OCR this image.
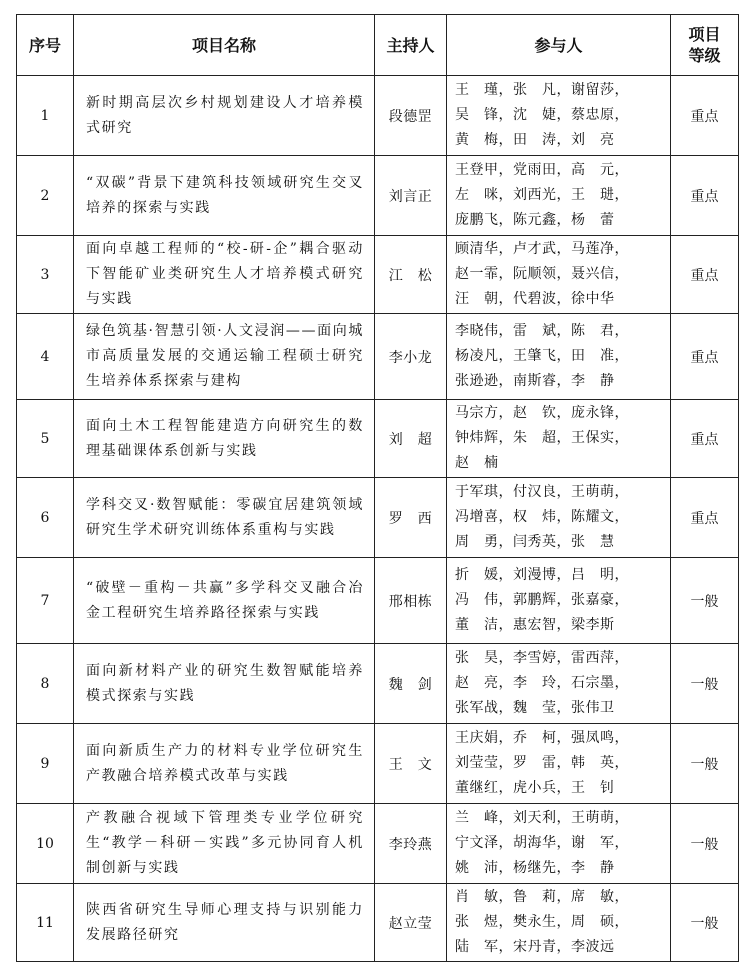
序号	项目名称	主持人	参与人	项目
等级
1	新时期高层次乡村规划建设人才培养模式研究	段德罡	王　瑾，张　凡，谢留莎，
吴　锋，沈　婕，蔡忠原，
黄　梅，田　涛，刘　亮	重点
2	“双碳”背景下建筑科技领域研究生交叉培养的探索与实践	刘言正	王登甲，党雨田，高　元，
左　咪，刘西光，王　琎，
庞鹏飞，陈元鑫，杨　蕾	重点
3	面向卓越工程师的“校-研-企”耦合驱动下智能矿业类研究生人才培养模式研究与实践	江　松	顾清华，卢才武，马莲净，
赵一霏，阮顺领，聂兴信，
汪　朝，代碧波，徐中华	重点
4	绿色筑基·智慧引领·人文浸润——面向城市高质量发展的交通运输工程硕士研究生培养体系探索与建构	李小龙	李晓伟，雷　斌，陈　君，
杨凌凡，王肇飞，田　准，
张逊逊，南斯睿，李　静	重点
5	面向土木工程智能建造方向研究生的数理基础课体系创新与实践	刘　超	马宗方，赵　钦，庞永锋，
钟炜辉，朱　超，王保实，
赵　楠	重点
6	学科交叉·数智赋能：零碳宜居建筑领域研究生学术研究训练体系重构与实践	罗　西	于军琪，付汉良，王萌萌，
冯增喜，权　炜，陈耀文，
周　勇，闫秀英，张　慧	重点
7	“破壁－重构－共赢”多学科交叉融合冶金工程研究生培养路径探索与实践	邢相栋	折　媛，刘漫博，吕　明，
冯　伟，郭鹏辉，张嘉豪，
董　洁，惠宏智，梁李斯	一般
8	面向新材料产业的研究生数智赋能培养模式探索与实践	魏　剑	张　昊，李雪婷，雷西萍，
赵　亮，李　玲，石宗墨，
张军战，魏　莹，张伟卫	一般
9	面向新质生产力的材料专业学位研究生产教融合培养模式改革与实践	王　文	王庆娟，乔　柯，强凤鸣，
刘莹莹，罗　雷，韩　英，
董继红，虎小兵，王　钊	一般
10	产教融合视域下管理类专业学位研究生“教学－科研－实践”多元协同育人机制创新与实践	李玲燕	兰　峰，刘天利，王萌萌，
宁文泽，胡海华，谢　军，
姚　沛，杨继先，李　静	一般
11	陕西省研究生导师心理支持与识别能力发展路径研究	赵立莹	肖　敏，鲁　莉，席　敏，
张　煜，樊永生，周　硕，
陆　军，宋丹青，李波远	一般
